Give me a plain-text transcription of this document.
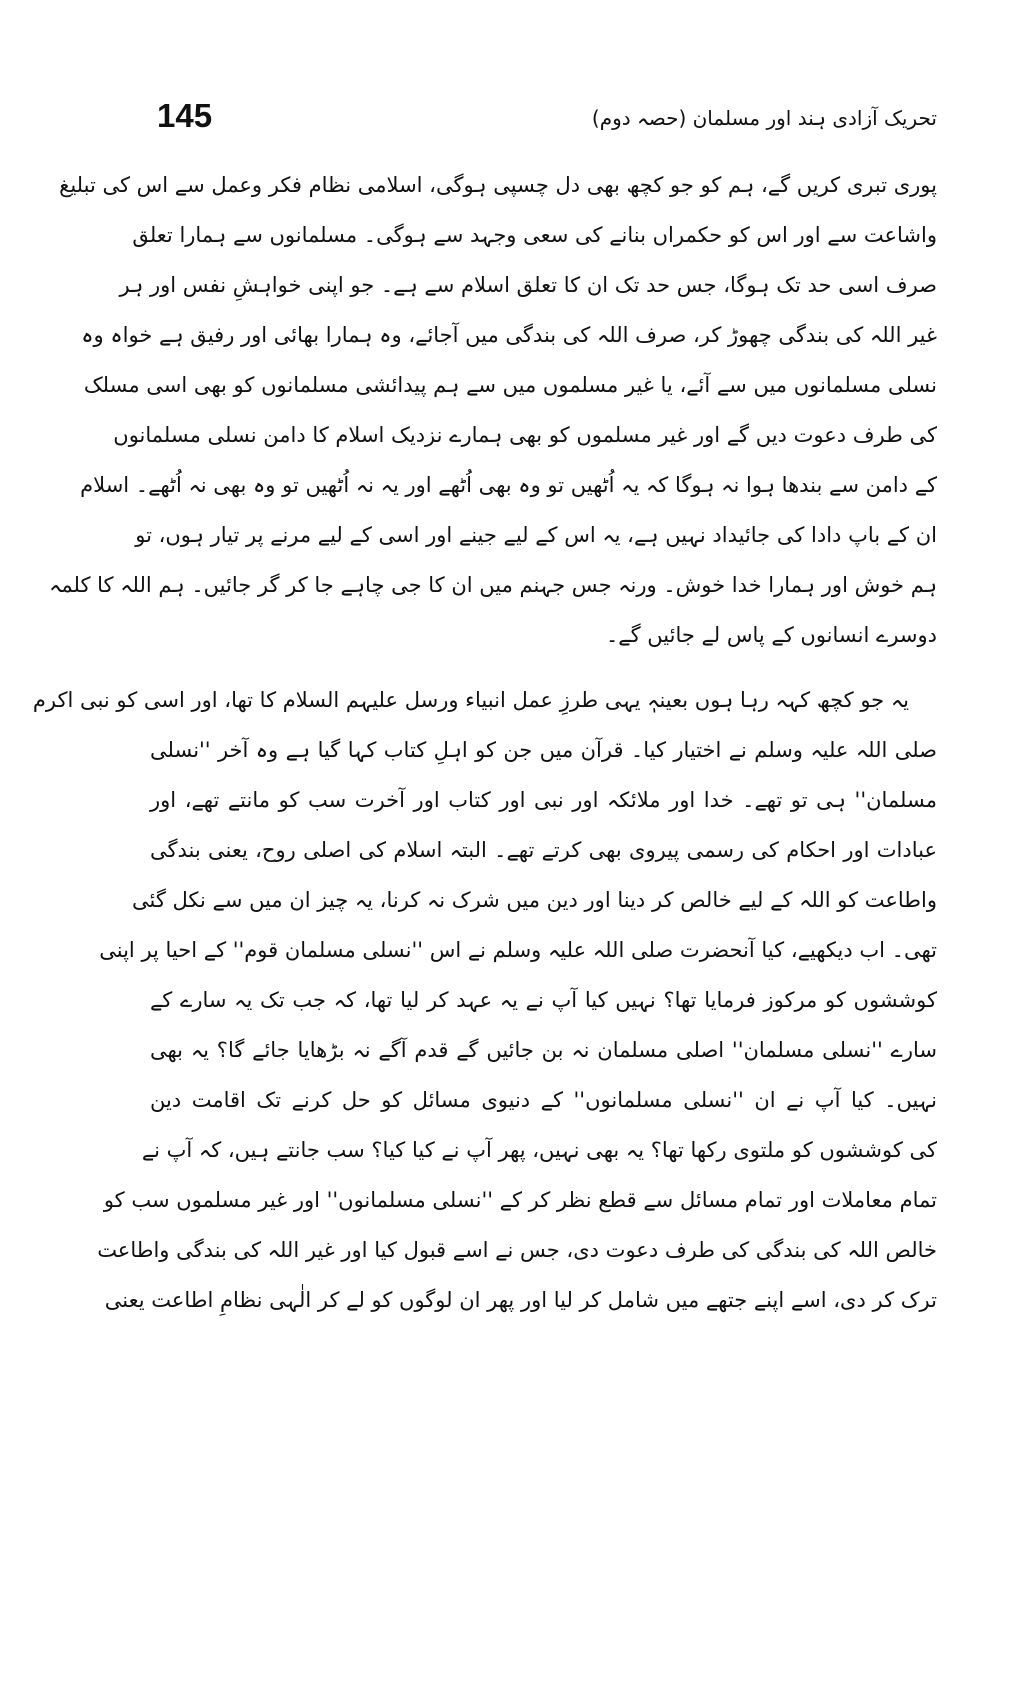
145	تحریک آزادی ہند اور مسلمان (حصہ دوم)
پوری تبری کریں گے، ہم کو جو کچھ بھی دل چسپی ہوگی، اسلامی نظام فکر وعمل سے اس کی تبلیغ
واشاعت سے اور اس کو حکمراں بنانے کی سعی وجہد سے ہوگی۔ مسلمانوں سے ہمارا تعلق
صرف اسی حد تک ہوگا، جس حد تک ان کا تعلق اسلام سے ہے۔ جو اپنی خواہشِ نفس اور ہر
غیر اللہ کی بندگی چھوڑ کر، صرف اللہ کی بندگی میں آجائے، وہ ہمارا بھائی اور رفیق ہے خواہ وہ
نسلی مسلمانوں میں سے آئے، یا غیر مسلموں میں سے ہم پیدائشی مسلمانوں کو بھی اسی مسلک
کی طرف دعوت دیں گے اور غیر مسلموں کو بھی ہمارے نزدیک اسلام کا دامن نسلی مسلمانوں
کے دامن سے بندھا ہوا نہ ہوگا کہ یہ اُٹھیں تو وہ بھی اُٹھے اور یہ نہ اُٹھیں تو وہ بھی نہ اُٹھے۔ اسلام
ان کے باپ دادا کی جائیداد نہیں ہے، یہ اس کے لیے جینے اور اسی کے لیے مرنے پر تیار ہوں، تو
ہم خوش اور ہمارا خدا خوش۔ ورنہ جس جہنم میں ان کا جی چاہے جا کر گر جائیں۔ ہم اللہ کا کلمہ
دوسرے انسانوں کے پاس لے جائیں گے۔
یہ جو کچھ کہہ رہا ہوں بعینہٖ یہی طرزِ عمل انبیاء ورسل علیہم السلام کا تھا، اور اسی کو نبی اکرم
صلی اللہ علیہ وسلم نے اختیار کیا۔ قرآن میں جن کو اہلِ کتاب کہا گیا ہے وہ آخر ''نسلی
مسلمان'' ہی تو تھے۔ خدا اور ملائکہ اور نبی اور کتاب اور آخرت سب کو مانتے تھے، اور
عبادات اور احکام کی رسمی پیروی بھی کرتے تھے۔ البتہ اسلام کی اصلی روح، یعنی بندگی
واطاعت کو اللہ کے لیے خالص کر دینا اور دین میں شرک نہ کرنا، یہ چیز ان میں سے نکل گئی
تھی۔ اب دیکھیے، کیا آنحضرت صلی اللہ علیہ وسلم نے اس ''نسلی مسلمان قوم'' کے احیا پر اپنی
کوششوں کو مرکوز فرمایا تھا؟ نہیں کیا آپ نے یہ عہد کر لیا تھا، کہ جب تک یہ سارے کے
سارے ''نسلی مسلمان'' اصلی مسلمان نہ بن جائیں گے قدم آگے نہ بڑھایا جائے گا؟ یہ بھی
نہیں۔ کیا آپ نے ان ''نسلی مسلمانوں'' کے دنیوی مسائل کو حل کرنے تک اقامت دین
کی کوششوں کو ملتوی رکھا تھا؟ یہ بھی نہیں، پھر آپ نے کیا کیا؟ سب جانتے ہیں، کہ آپ نے
تمام معاملات اور تمام مسائل سے قطع نظر کر کے ''نسلی مسلمانوں'' اور غیر مسلموں سب کو
خالص اللہ کی بندگی کی طرف دعوت دی، جس نے اسے قبول کیا اور غیر اللہ کی بندگی واطاعت
ترک کر دی، اسے اپنے جتھے میں شامل کر لیا اور پھر ان لوگوں کو لے کر الٰہی نظامِ اطاعت یعنی
